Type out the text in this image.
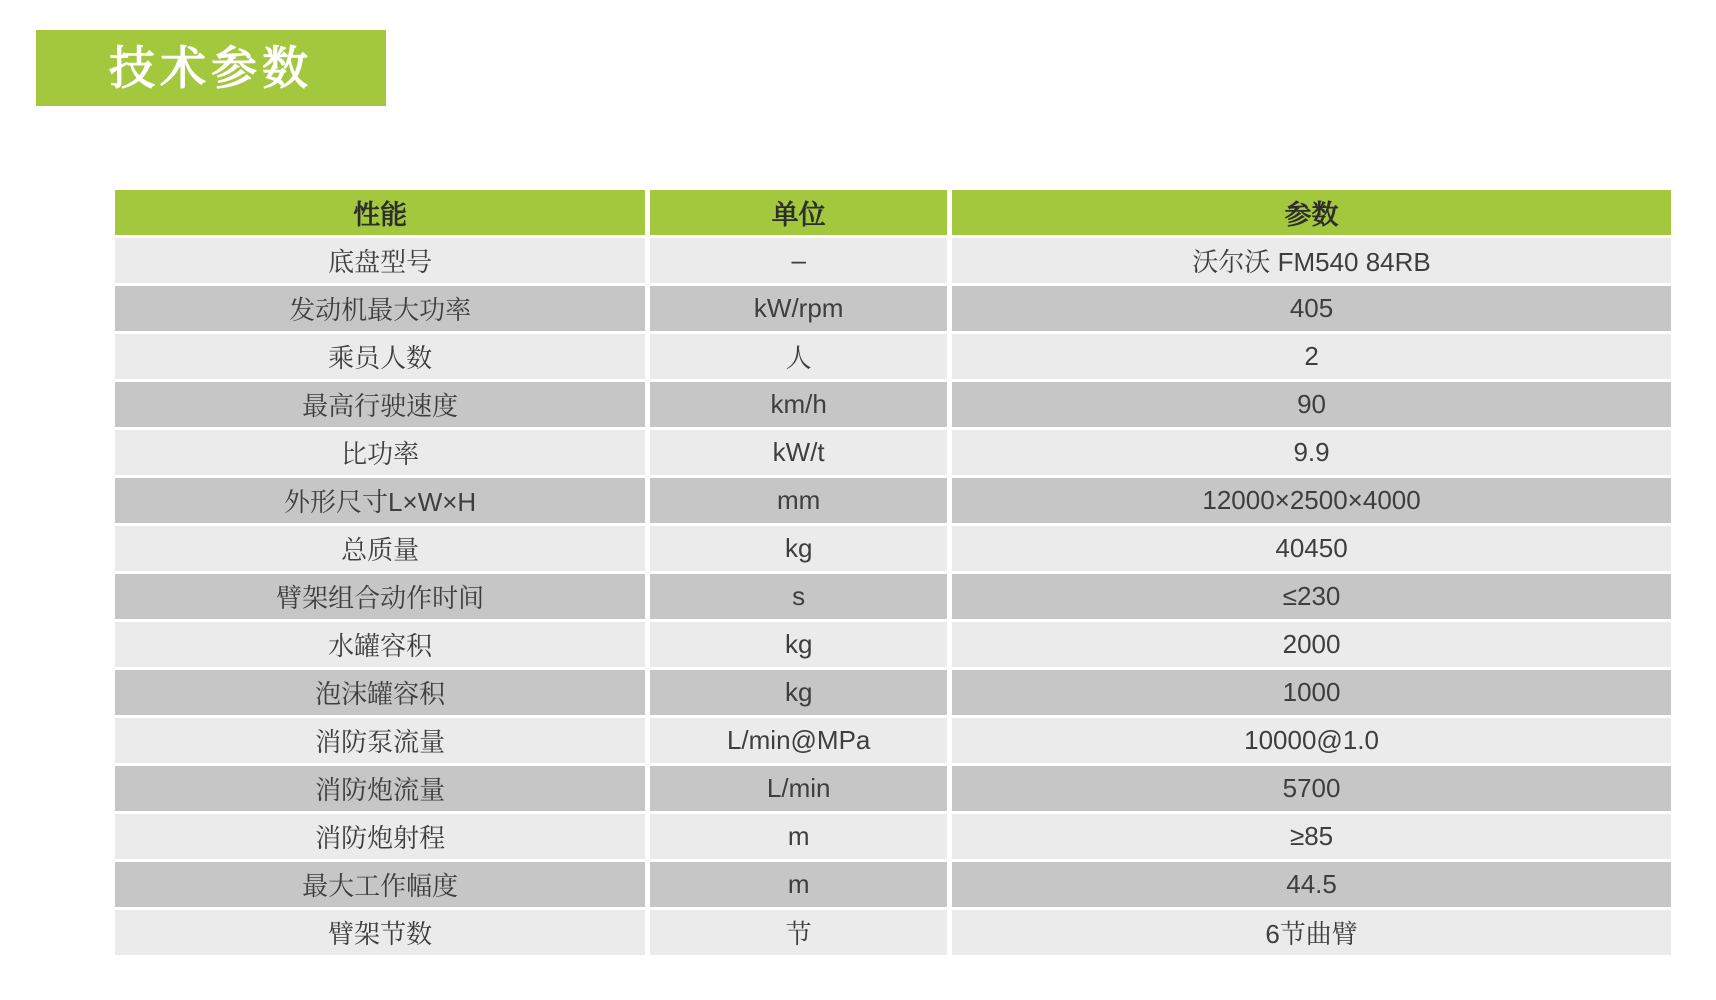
技术参数
性能	单位	参数
底盘型号	–	沃尔沃 FM540 84RB
发动机最大功率	kW/rpm	405
乘员人数	人	2
最高行驶速度	km/h	90
比功率	kW/t	9.9
外形尺寸L×W×H	mm	12000×2500×4000
总质量	kg	40450
臂架组合动作时间	s	≤230
水罐容积	kg	2000
泡沫罐容积	kg	1000
消防泵流量	L/min@MPa	10000@1.0
消防炮流量	L/min	5700
消防炮射程	m	≥85
最大工作幅度	m	44.5
臂架节数	节	6节曲臂
